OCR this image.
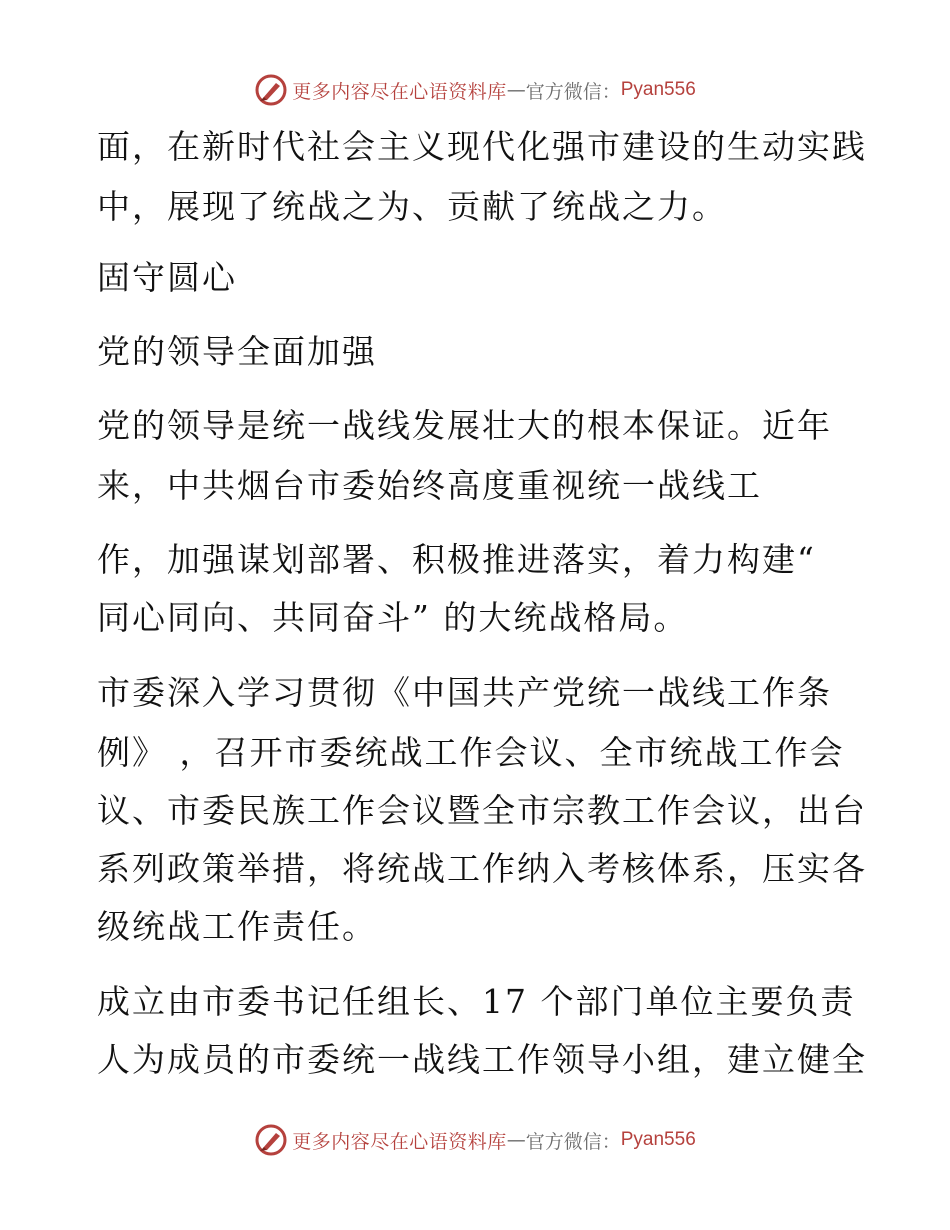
更多内容尽在心语资料库 — 官方微信： Pyan556
面，在新时代社会主义现代化强市建设的生动实践
中，展现了统战之为、贡献了统战之力。
固守圆心
党的领导全面加强
党的领导是统一战线发展壮大的根本保证。近年
来，中共烟台市委始终高度重视统一战线工
作，加强谋划部署、积极推进落实，着力构建“
同心同向、共同奋斗” 的大统战格局。
市委深入学习贯彻《中国共产党统一战线工作条
例》 ，召开市委统战工作会议、全市统战工作会
议、市委民族工作会议暨全市宗教工作会议，出台
系列政策举措，将统战工作纳入考核体系，压实各
级统战工作责任。
成立由市委书记任组长、17 个部门单位主要负责
人为成员的市委统一战线工作领导小组，建立健全
更多内容尽在心语资料库 — 官方微信： Pyan556
